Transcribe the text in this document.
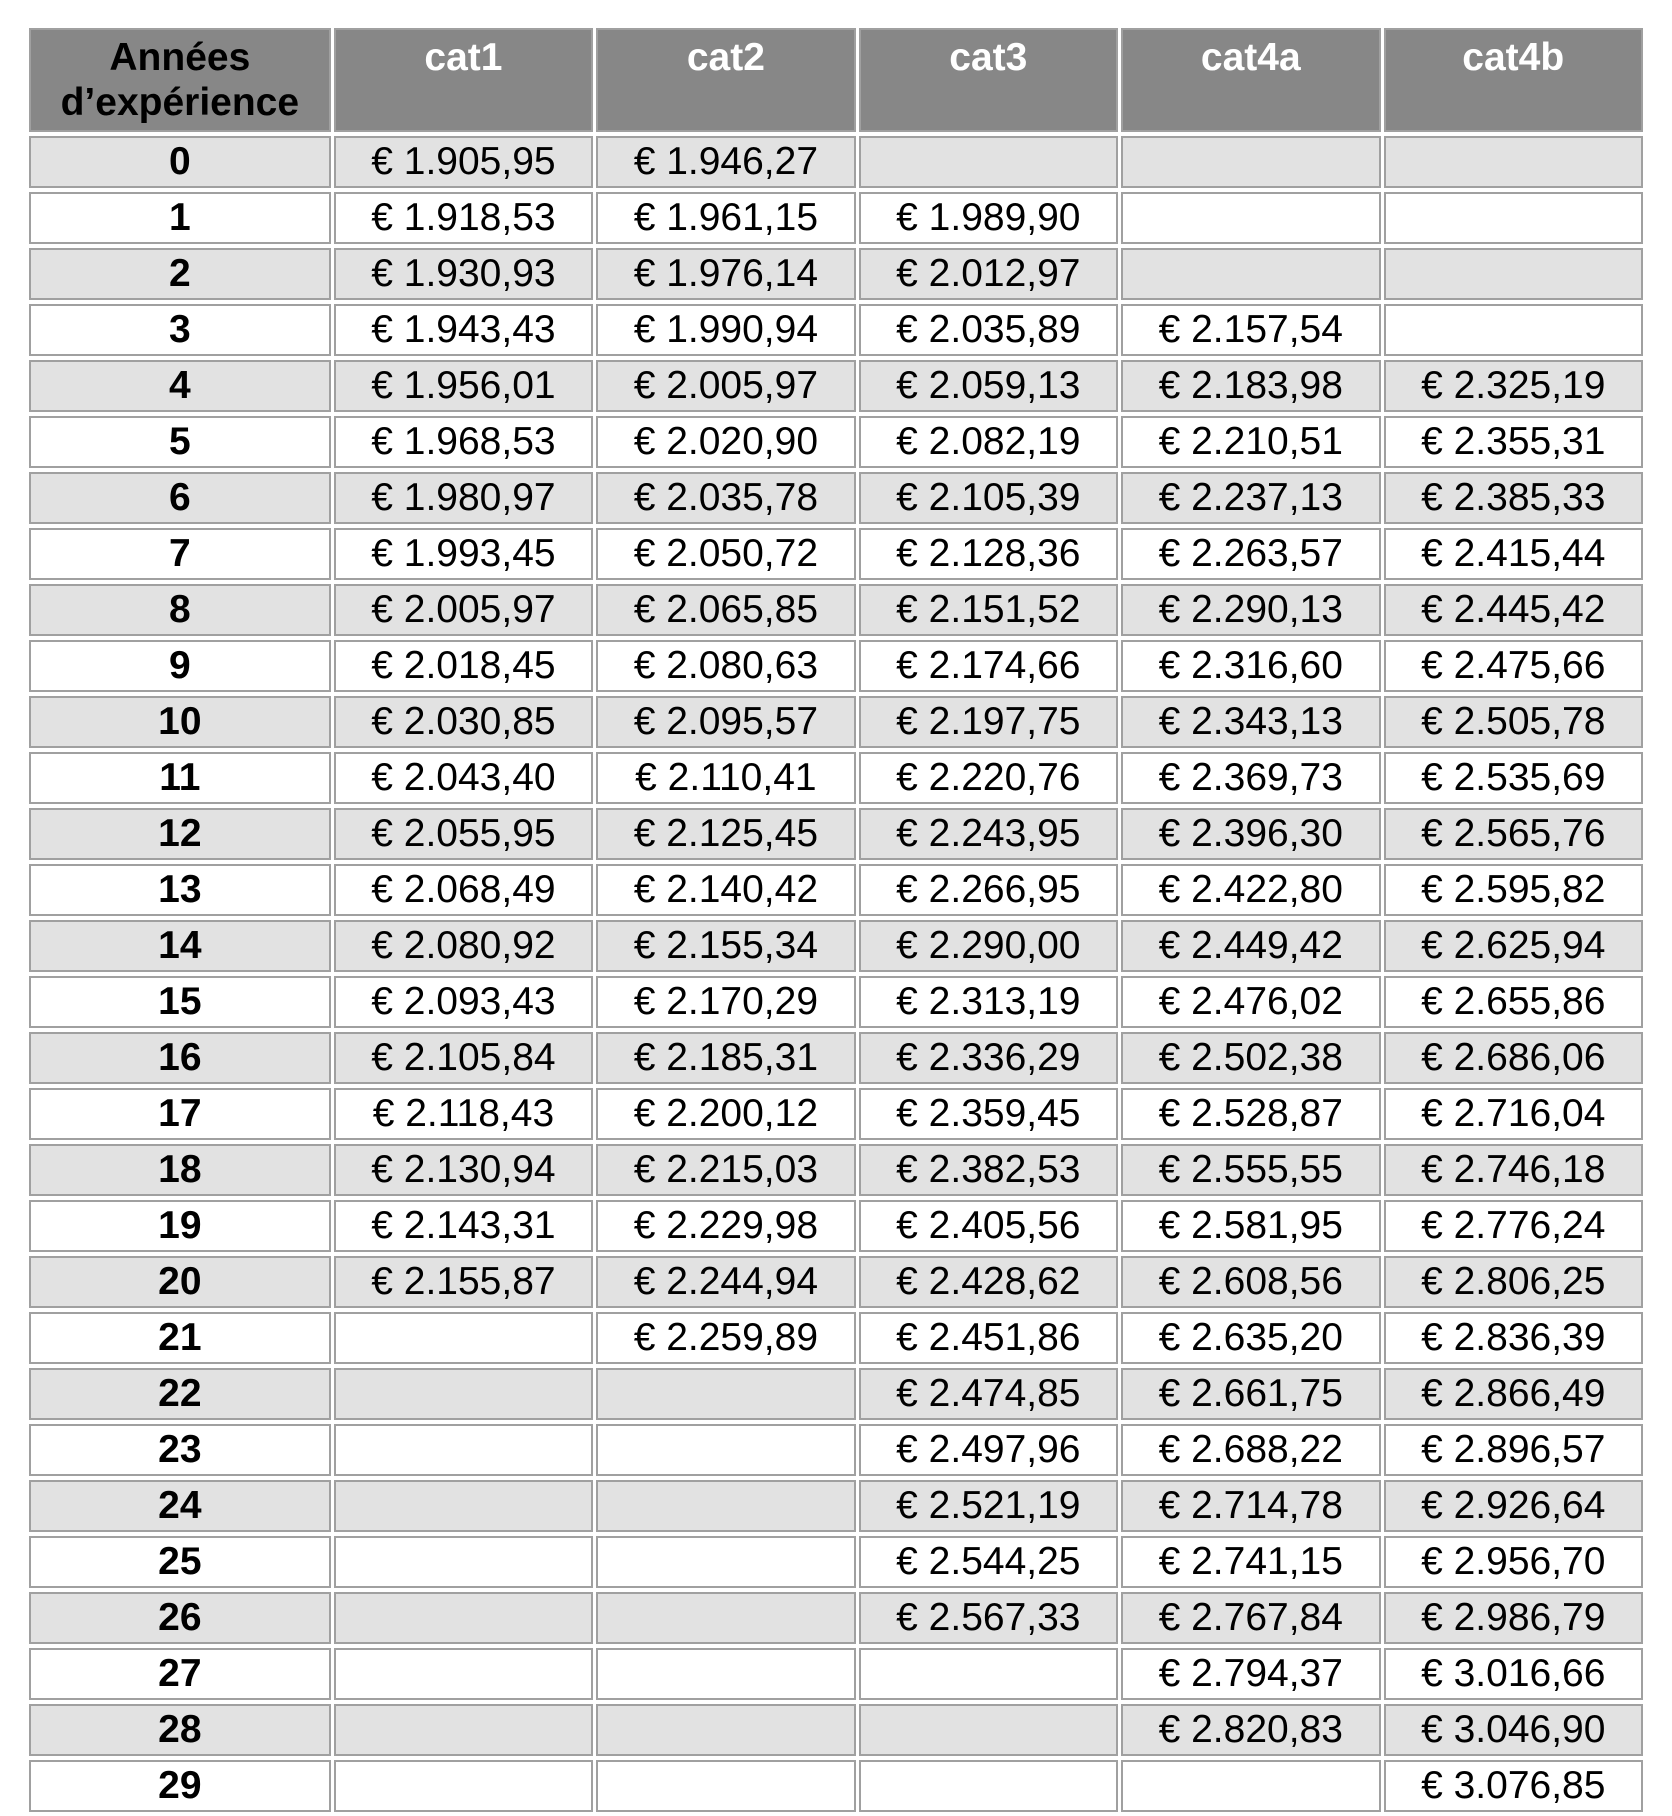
Années d’expérience	cat1	cat2	cat3	cat4a	cat4b
0	€ 1.905,95	€ 1.946,27			
1	€ 1.918,53	€ 1.961,15	€ 1.989,90		
2	€ 1.930,93	€ 1.976,14	€ 2.012,97		
3	€ 1.943,43	€ 1.990,94	€ 2.035,89	€ 2.157,54	
4	€ 1.956,01	€ 2.005,97	€ 2.059,13	€ 2.183,98	€ 2.325,19
5	€ 1.968,53	€ 2.020,90	€ 2.082,19	€ 2.210,51	€ 2.355,31
6	€ 1.980,97	€ 2.035,78	€ 2.105,39	€ 2.237,13	€ 2.385,33
7	€ 1.993,45	€ 2.050,72	€ 2.128,36	€ 2.263,57	€ 2.415,44
8	€ 2.005,97	€ 2.065,85	€ 2.151,52	€ 2.290,13	€ 2.445,42
9	€ 2.018,45	€ 2.080,63	€ 2.174,66	€ 2.316,60	€ 2.475,66
10	€ 2.030,85	€ 2.095,57	€ 2.197,75	€ 2.343,13	€ 2.505,78
11	€ 2.043,40	€ 2.110,41	€ 2.220,76	€ 2.369,73	€ 2.535,69
12	€ 2.055,95	€ 2.125,45	€ 2.243,95	€ 2.396,30	€ 2.565,76
13	€ 2.068,49	€ 2.140,42	€ 2.266,95	€ 2.422,80	€ 2.595,82
14	€ 2.080,92	€ 2.155,34	€ 2.290,00	€ 2.449,42	€ 2.625,94
15	€ 2.093,43	€ 2.170,29	€ 2.313,19	€ 2.476,02	€ 2.655,86
16	€ 2.105,84	€ 2.185,31	€ 2.336,29	€ 2.502,38	€ 2.686,06
17	€ 2.118,43	€ 2.200,12	€ 2.359,45	€ 2.528,87	€ 2.716,04
18	€ 2.130,94	€ 2.215,03	€ 2.382,53	€ 2.555,55	€ 2.746,18
19	€ 2.143,31	€ 2.229,98	€ 2.405,56	€ 2.581,95	€ 2.776,24
20	€ 2.155,87	€ 2.244,94	€ 2.428,62	€ 2.608,56	€ 2.806,25
21		€ 2.259,89	€ 2.451,86	€ 2.635,20	€ 2.836,39
22			€ 2.474,85	€ 2.661,75	€ 2.866,49
23			€ 2.497,96	€ 2.688,22	€ 2.896,57
24			€ 2.521,19	€ 2.714,78	€ 2.926,64
25			€ 2.544,25	€ 2.741,15	€ 2.956,70
26			€ 2.567,33	€ 2.767,84	€ 2.986,79
27				€ 2.794,37	€ 3.016,66
28				€ 2.820,83	€ 3.046,90
29					€ 3.076,85
